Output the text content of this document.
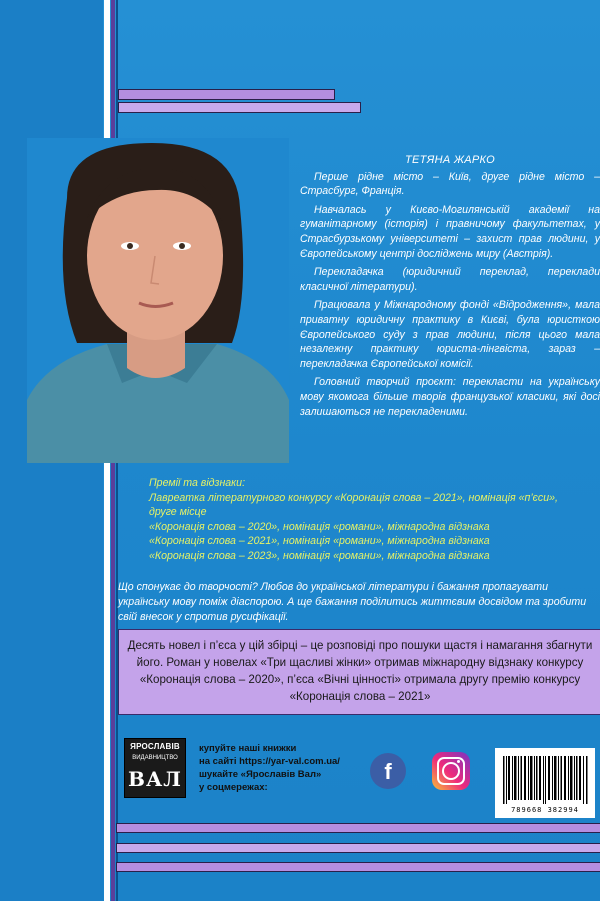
ТЕТЯНА ЖАРКО

Перше рідне місто – Київ, друге рідне місто – Страсбург, Франція.

Навчалась у Києво-Могилянській академії на гуманітарному (історія) і правничому факультетах, у Страсбурзькому університеті – захист прав людини, у Європейському центрі досліджень миру (Австрія).

Перекладачка (юридичний переклад, переклади класичної літератури).

Працювала у Міжнародному фонді «Відродження», мала приватну юридичну практику в Києві, була юристкою Європейського суду з прав людини, після цього мала незалежну практику юриста-лінгвіста, зараз – перекладачка Європейської комісії.

Головний творчий проєкт: перекласти на українську мову якомога більше творів французької класики, які досі залишаються не перекладеними.

Премії та відзнаки:
Лавреатка літературного конкурсу «Коронація слова – 2021», номінація «п’єси», друге місце
«Коронація слова – 2020», номінація «романи», міжнародна відзнака
«Коронація слова – 2021», номінація «романи», міжнародна відзнака
«Коронація слова – 2023», номінація «романи», міжнародна відзнака
Що спонукає до творчості? Любов до української літератури і бажання пропагувати українську мову поміж діаспорою. А ще бажання поділитись життєвим досвідом та зробити свій внесок у спротив русифікації.
Десять новел і п’єса у цій збірці – це розповіді про пошуки щастя і намагання збагнути його. Роман у новелах «Три щасливі жінки» отримав міжнародну відзнаку конкурсу «Коронація слова – 2020», п’єса «Вічні цінності» отримала другу премію конкурсу «Коронація слова – 2021»
ЯРОСЛАВІВ
ВИДАВНИЦТВО
ВАЛ
купуйте наші книжки
на сайті https://yar-val.com.ua/
шукайте «Ярославів Вал»
у соцмережах:
f
789668 382994
